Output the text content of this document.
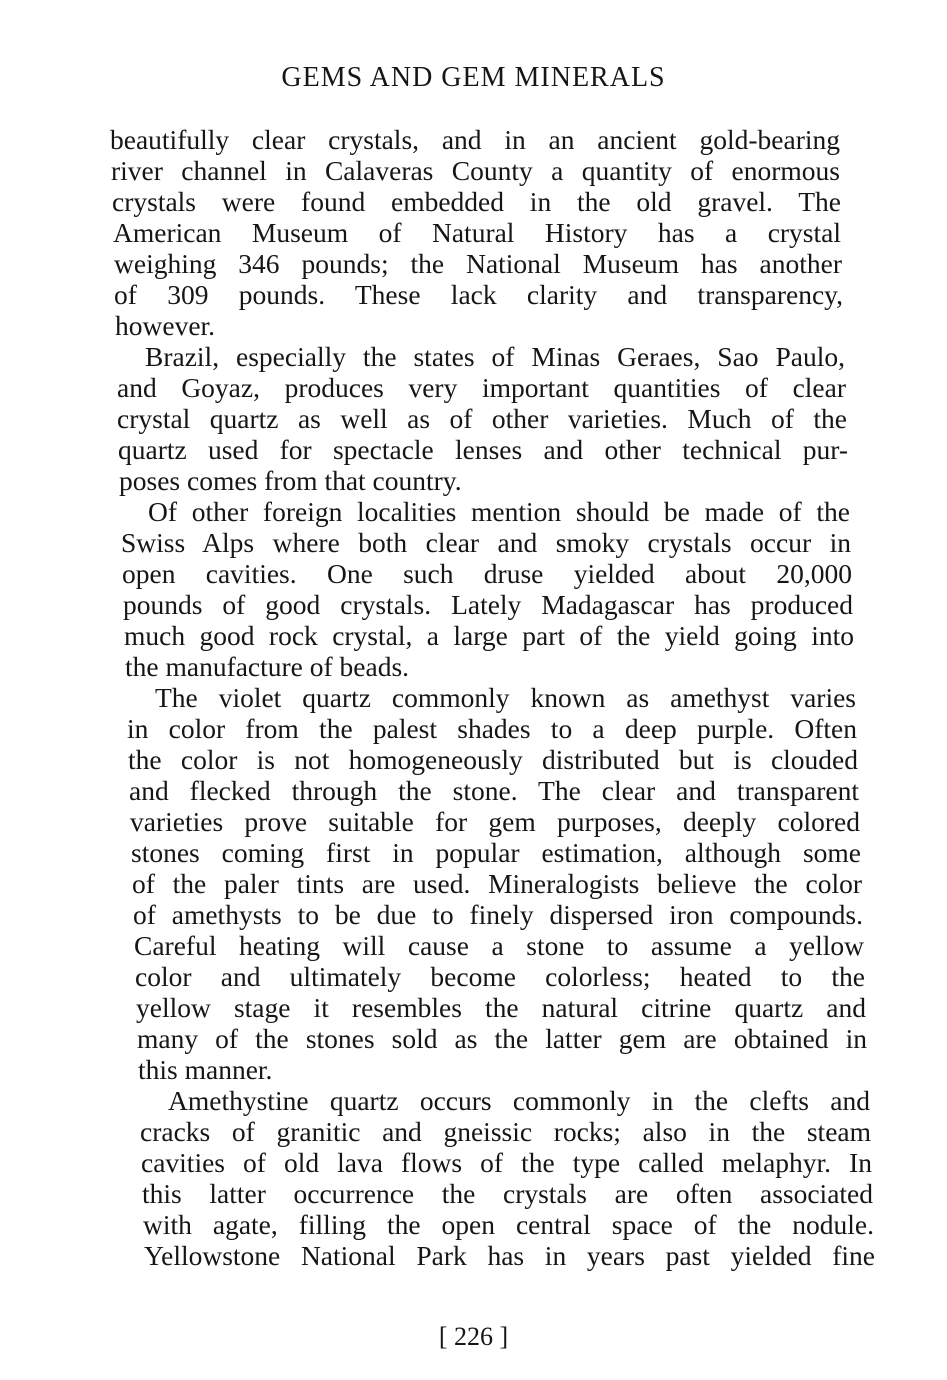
GEMS AND GEM MINERALS
beautifully clear crystals, and in an ancient gold-bearing
river channel in Calaveras County a quantity of enormous
crystals were found embedded in the old gravel. The
American Museum of Natural History has a crystal
weighing 346 pounds; the National Museum has another
of 309 pounds. These lack clarity and transparency,
however.
Brazil, especially the states of Minas Geraes, Sao Paulo,
and Goyaz, produces very important quantities of clear
crystal quartz as well as of other varieties. Much of the
quartz used for spectacle lenses and other technical pur-
poses comes from that country.
Of other foreign localities mention should be made of the
Swiss Alps where both clear and smoky crystals occur in
open cavities. One such druse yielded about 20,000
pounds of good crystals. Lately Madagascar has produced
much good rock crystal, a large part of the yield going into
the manufacture of beads.
The violet quartz commonly known as amethyst varies
in color from the palest shades to a deep purple. Often
the color is not homogeneously distributed but is clouded
and flecked through the stone. The clear and transparent
varieties prove suitable for gem purposes, deeply colored
stones coming first in popular estimation, although some
of the paler tints are used. Mineralogists believe the color
of amethysts to be due to finely dispersed iron compounds.
Careful heating will cause a stone to assume a yellow
color and ultimately become colorless; heated to the
yellow stage it resembles the natural citrine quartz and
many of the stones sold as the latter gem are obtained in
this manner.
Amethystine quartz occurs commonly in the clefts and
cracks of granitic and gneissic rocks; also in the steam
cavities of old lava flows of the type called melaphyr. In
this latter occurrence the crystals are often associated
with agate, filling the open central space of the nodule.
Yellowstone National Park has in years past yielded fine
[ 226 ]
